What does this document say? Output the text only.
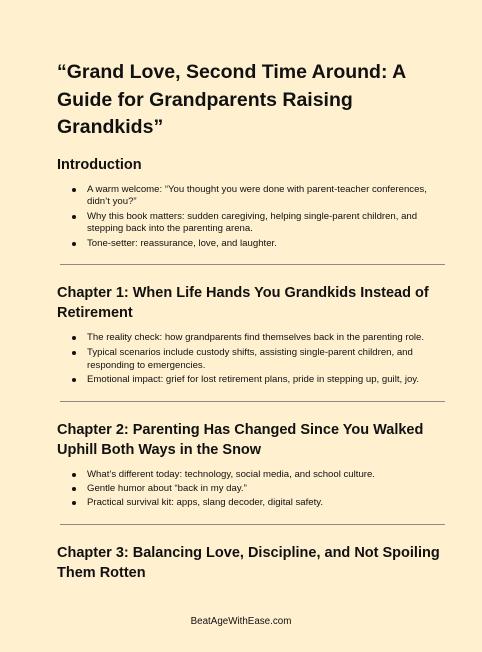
“Grand Love, Second Time Around: A Guide for Grandparents Raising Grandkids”
Introduction
A warm welcome: “You thought you were done with parent-teacher conferences, didn’t you?”
Why this book matters: sudden caregiving, helping single-parent children, and stepping back into the parenting arena.
Tone-setter: reassurance, love, and laughter.
Chapter 1: When Life Hands You Grandkids Instead of Retirement
The reality check: how grandparents find themselves back in the parenting role.
Typical scenarios include custody shifts, assisting single-parent children, and responding to emergencies.
Emotional impact: grief for lost retirement plans, pride in stepping up, guilt, joy.
Chapter 2: Parenting Has Changed Since You Walked Uphill Both Ways in the Snow
What’s different today: technology, social media, and school culture.
Gentle humor about “back in my day.”
Practical survival kit: apps, slang decoder, digital safety.
Chapter 3: Balancing Love, Discipline, and Not Spoiling Them Rotten
BeatAgeWithEase.com
